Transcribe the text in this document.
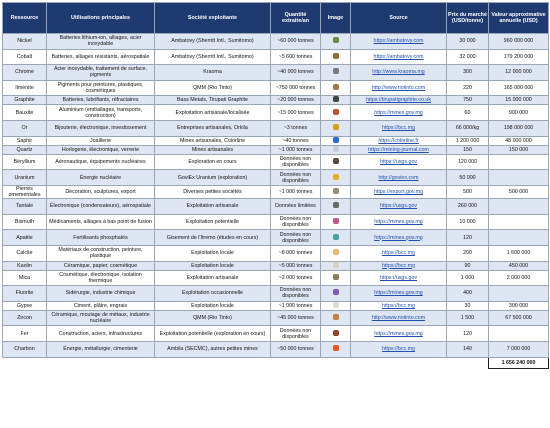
Ressource	Utilisations principales	Société exploitante	Quantité extraite/an	Image	Source	Prix du marché (USD/tonne)	Valeur approximative annuelle (USD)
Nickel	Batteries lithium-ion, alliages, acier inoxydable	Ambatovy (Sherritt Intl., Sumitomo)	~60 000 tonnes		https://ambatovy.com	30 000	960 000 000
Cobalt	Batteries, alliages résistants, aérospatiale	Ambatovy (Sherritt Intl., Sumitomo)	~5 600 tonnes		https://ambatovy.com	32 000	179 200 000
Chrome	Acier inoxydable, traitement de surface, pigments	Kraoma	~40 000 tonnes		http://www.kraoma.mg	300	12 000 000
Ilménite	Pigments pour peintures, plastiques, cosmétiques	QMM (Rio Tinto)	~750 000 tonnes		http://www.riotinto.com	220	165 000 000
Graphite	Batteries, lubrifiants, réfractaires	Bass Metals, Tirupati Graphite	~20 000 tonnes		https://tirupatigraphite.co.uk	750	15 000 000
Bauxite	Aluminium (emballages, transports, construction)	Exploitation artisanale/localisée	~15 000 tonnes		https://mines.gov.mg	60	900 000
Or	Bijouterie, électronique, investissement	Entreprises artisanales, Orkila	~3 tonnes		https://bcc.mg	66 000/kg	198 000 000
Saphir	Joaillerie	Mines artisanales, Colorline	~40 tonnes		https://colorline.fr	1 200 000	48 000 000
Quartz	Horlogerie, électronique, verrerie	Mines artisanales	~1 000 tonnes		https://mining-journal.com	150	150 000
Béryllium	Aéronautique, équipements nucléaires	Exploration en cours	Données non disponibles		https://usgs.gov	120 000	
Uranium	Énergie nucléaire	GoviEx Uranium (exploration)	Données non disponibles		http://goviex.com	50 000	
Pierres ornementales	Décoration, sculptures, export	Diverses petites sociétés	~1 000 tonnes		https://export.gov.mg	500	500 000
Tantale	Électronique (condensateurs), aérospatiale	Exploitation artisanale	Données limitées		https://usgs.gov	260 000	
Bismuth	Médicaments, alliages à bas point de fusion	Exploitation potentielle	Données non disponibles		https://mines.gov.mg	10 000	
Apatite	Fertilisants phosphatés	Gisement de l'Itremo (études en cours)	Données non disponibles		https://mines.gov.mg	120	
Calcite	Matériaux de construction, peinture, plastique	Exploitation locale	~8 000 tonnes		https://bcc.mg	200	1 600 000
Kaolin	Céramique, papier, cosmétique	Exploitation locale	~5 000 tonnes		https://bcc.mg	90	450 000
Mica	Cosmétique, électronique, isolation thermique	Exploitation artisanale	~2 000 tonnes		https://usgs.gov	1 000	2 000 000
Fluorite	Sidérurgie, industrie chimique	Exploitation occasionnelle	Données non disponibles		https://mines.gov.mg	400	
Gypse	Ciment, plâtre, engrais	Exploitation locale	~1 000 tonnes		https://bcc.mg	30	300 000
Zircon	Céramique, moulage de métaux, industrie nucléaire	QMM (Rio Tinto)	~45 000 tonnes		http://www.riotinto.com	1 500	67 500 000
Fer	Construction, aciers, infrastructures	Exploitation potentielle (exploration en cours)	Données non disponibles		https://mines.gov.mg	120	
Charbon	Énergie, métallurgie, cimenterie	Ambila (SECMC), autres petites mines	~50 000 tonnes		https://bcc.mg	140	7 000 000
							1 656 240 000
